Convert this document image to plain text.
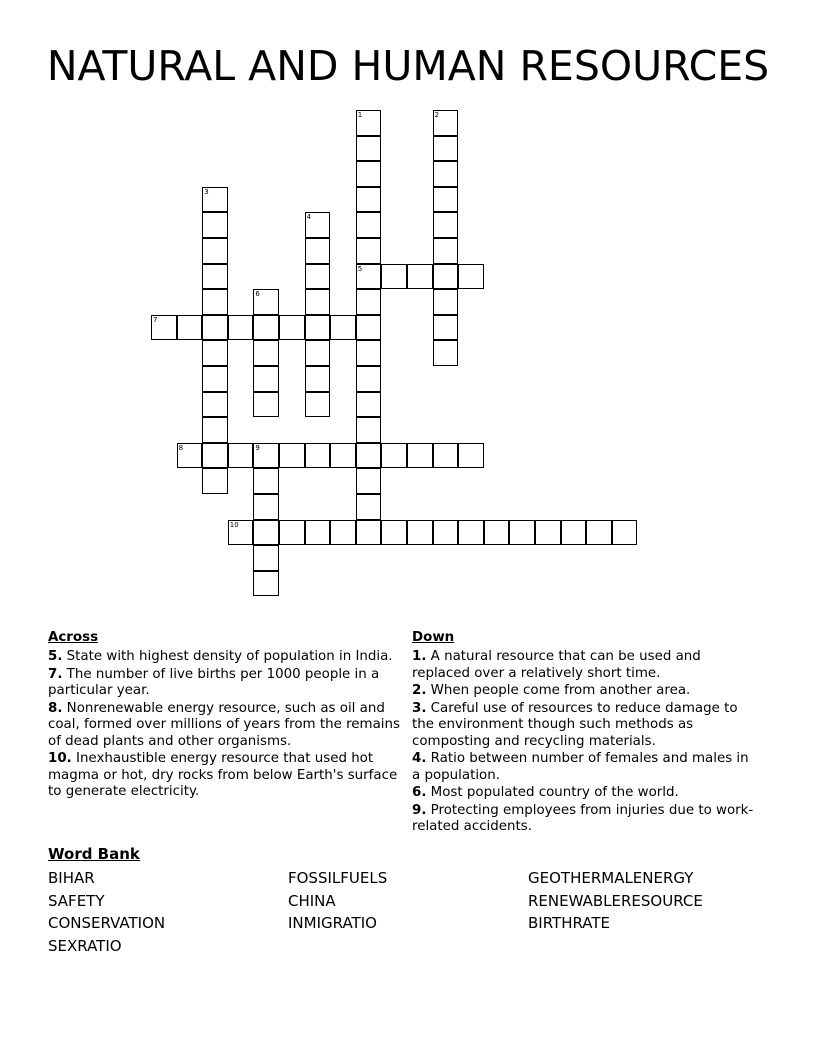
NATURAL AND HUMAN RESOURCES
1
5
2
3
4
6
7
8	9
10
Across
5. State with highest density of population in India.
7. The number of live births per 1000 people in a particular year.
8. Nonrenewable energy resource, such as oil and coal, formed over millions of years from the remains of dead plants and other organisms.
10. Inexhaustible energy resource that used hot magma or hot, dry rocks from below Earth's surface to generate electricity.
Down
1. A natural resource that can be used and replaced over a relatively short time.
2. When people come from another area.
3. Careful use of resources to reduce damage to the environment though such methods as composting and recycling materials.
4. Ratio between number of females and males in a population.
6. Most populated country of the world.
9. Protecting employees from injuries due to work-related accidents.
Word Bank
BIHAR	FOSSILFUELS	GEOTHERMALENERGY
SAFETY	CHINA	RENEWABLERESOURCE
CONSERVATION	INMIGRATIO	BIRTHRATE
SEXRATIO
